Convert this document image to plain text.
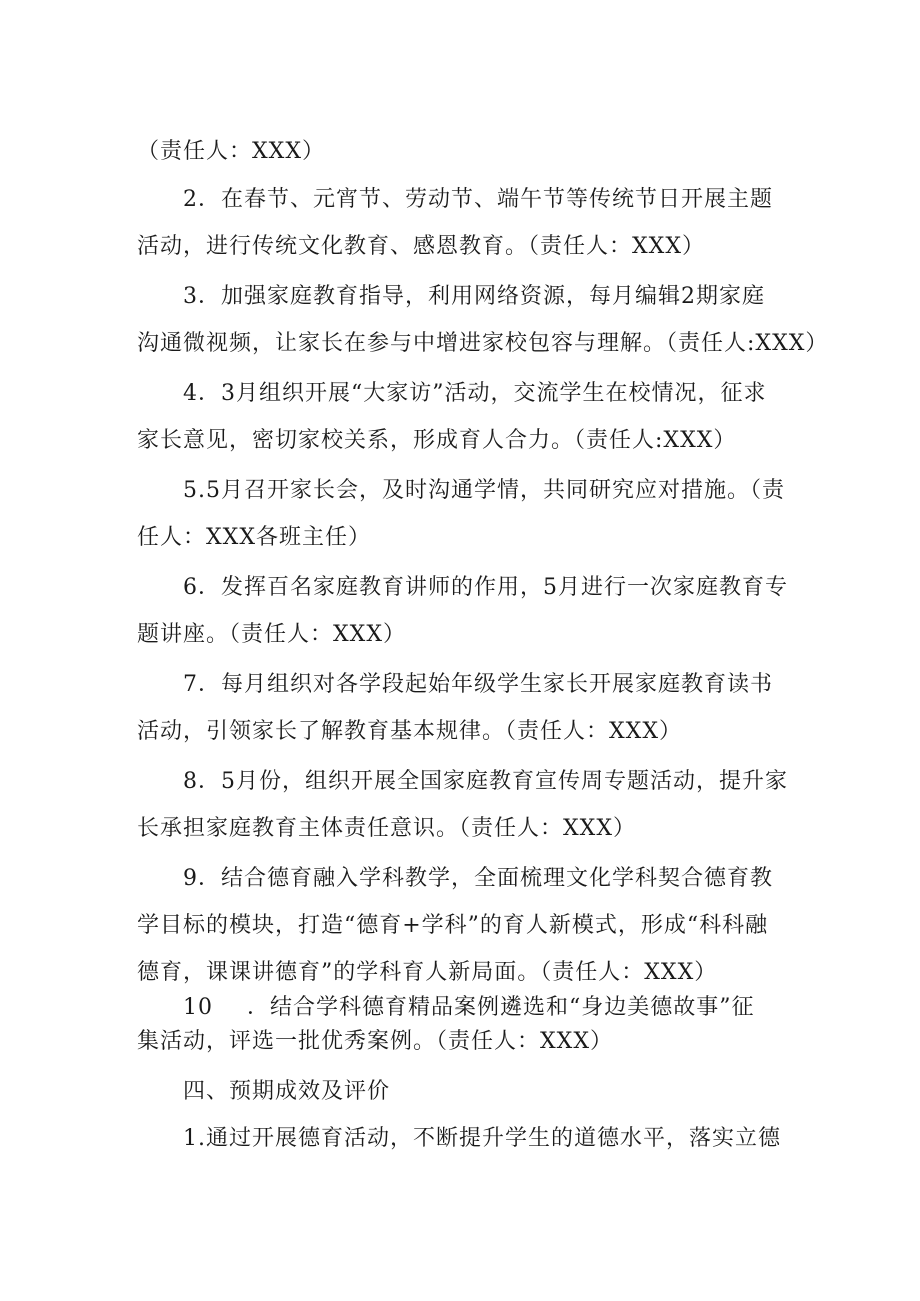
（责任人：XXX）
2．在春节、元宵节、劳动节、端午节等传统节日开展主题
活动，进行传统文化教育、感恩教育。（责任人：XXX）
3．加强家庭教育指导，利用网络资源，每月编辑2期家庭
沟通微视频，让家长在参与中增进家校包容与理解。（责任人:XXX）
4．3月组织开展“大家访”活动，交流学生在校情况，征求
家长意见，密切家校关系，形成育人合力。（责任人:XXX）
5.5月召开家长会，及时沟通学情，共同研究应对措施。（责
任人：XXX各班主任）
6．发挥百名家庭教育讲师的作用，5月进行一次家庭教育专
题讲座。（责任人：XXX）
7．每月组织对各学段起始年级学生家长开展家庭教育读书
活动，引领家长了解教育基本规律。（责任人：XXX）
8．5月份，组织开展全国家庭教育宣传周专题活动，提升家
长承担家庭教育主体责任意识。（责任人：XXX）
9．结合德育融入学科教学，全面梳理文化学科契合德育教
学目标的模块，打造“德育+学科”的育人新模式，形成“科科融
德育，课课讲德育”的学科育人新局面。（责任人：XXX）
10 ．结合学科德育精品案例遴选和“身边美德故事”征
集活动，评选一批优秀案例。（责任人：XXX）
四、预期成效及评价
1.通过开展德育活动，不断提升学生的道德水平，落实立德
